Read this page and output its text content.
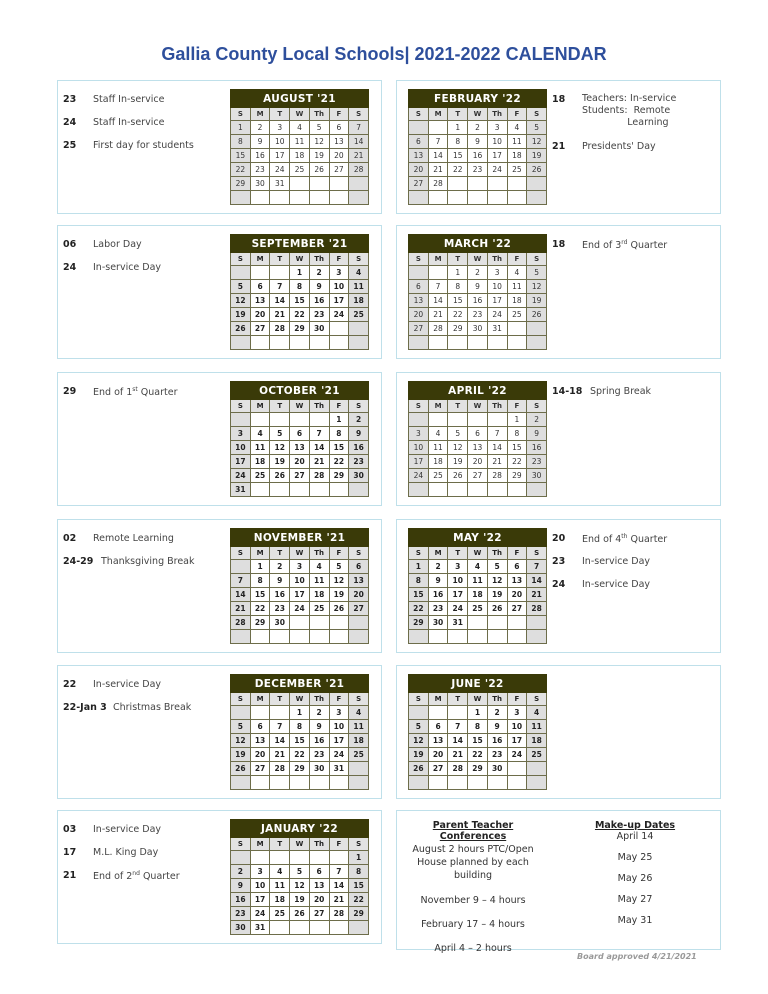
Gallia County Local Schools| 2021-2022 CALENDAR
23 Staff In-service
24 Staff In-service
25 First day for students
AUGUST '21						
S	M	T	W	Th	F	S
1	2	3	4	5	6	7
8	9	10	11	12	13	14
15	16	17	18	19	20	21
22	23	24	25	26	27	28
29	30	31				

06 Labor Day
24 In-service Day
SEPTEMBER '21						
S	M	T	W	Th	F	S
			1	2	3	4
5	6	7	8	9	10	11
12	13	14	15	16	17	18
19	20	21	22	23	24	25
26	27	28	29	30		

29 End of 1st Quarter	OCTOBER '21						
S	M	T	W	Th	F	S
					1	2
3	4	5	6	7	8	9
10	11	12	13	14	15	16
17	18	19	20	21	22	23
24	25	26	27	28	29	30
31						
02 Remote Learning
24-29 Thanksgiving Break
NOVEMBER '21						
S	M	T	W	Th	F	S
	1	2	3	4	5	6
7	8	9	10	11	12	13
14	15	16	17	18	19	20
21	22	23	24	25	26	27
28	29	30				

22 In-service Day
22-Jan 3 Christmas Break
DECEMBER '21						
S	M	T	W	Th	F	S
			1	2	3	4
5	6	7	8	9	10	11
12	13	14	15	16	17	18
19	20	21	22	23	24	25
26	27	28	29	30	31	

03 In-service Day
17 M.L. King Day
21 End of 2nd Quarter
JANUARY '22						
S	M	T	W	Th	F	S
						1
2	3	4	5	6	7	8
9	10	11	12	13	14	15
16	17	18	19	20	21	22
23	24	25	26	27	28	29
30	31					
18 Teachers: In-service
Students:  Remote
Learning
21 Presidents' Day
FEBRUARY '22						
S	M	T	W	Th	F	S
		1	2	3	4	5
6	7	8	9	10	11	12
13	14	15	16	17	18	19
20	21	22	23	24	25	26
27	28					

18 End of 3rd Quarter
MARCH '22						
S	M	T	W	Th	F	S
		1	2	3	4	5
6	7	8	9	10	11	12
13	14	15	16	17	18	19
20	21	22	23	24	25	26
27	28	29	30	31		

14-18 Spring Break
APRIL '22						
S	M	T	W	Th	F	S
					1	2
3	4	5	6	7	8	9
10	11	12	13	14	15	16
17	18	19	20	21	22	23
24	25	26	27	28	29	30

20 End of 4th Quarter
23 In-service Day
24 In-service Day
MAY '22						
S	M	T	W	Th	F	S
1	2	3	4	5	6	7
8	9	10	11	12	13	14
15	16	17	18	19	20	21
22	23	24	25	26	27	28
29	30	31				

JUNE '22						
S	M	T	W	Th	F	S
			1	2	3	4
5	6	7	8	9	10	11
12	13	14	15	16	17	18
19	20	21	22	23	24	25
26	27	28	29	30		

Parent Teacher Conferences
August 2 hours PTC/Open House planned by each building
November 9 – 4 hours
February 17 – 4 hours
April 4 – 2 hours
Make-up Dates
April 14
May 25
May 26
May 27
May 31
Board approved 4/21/2021
